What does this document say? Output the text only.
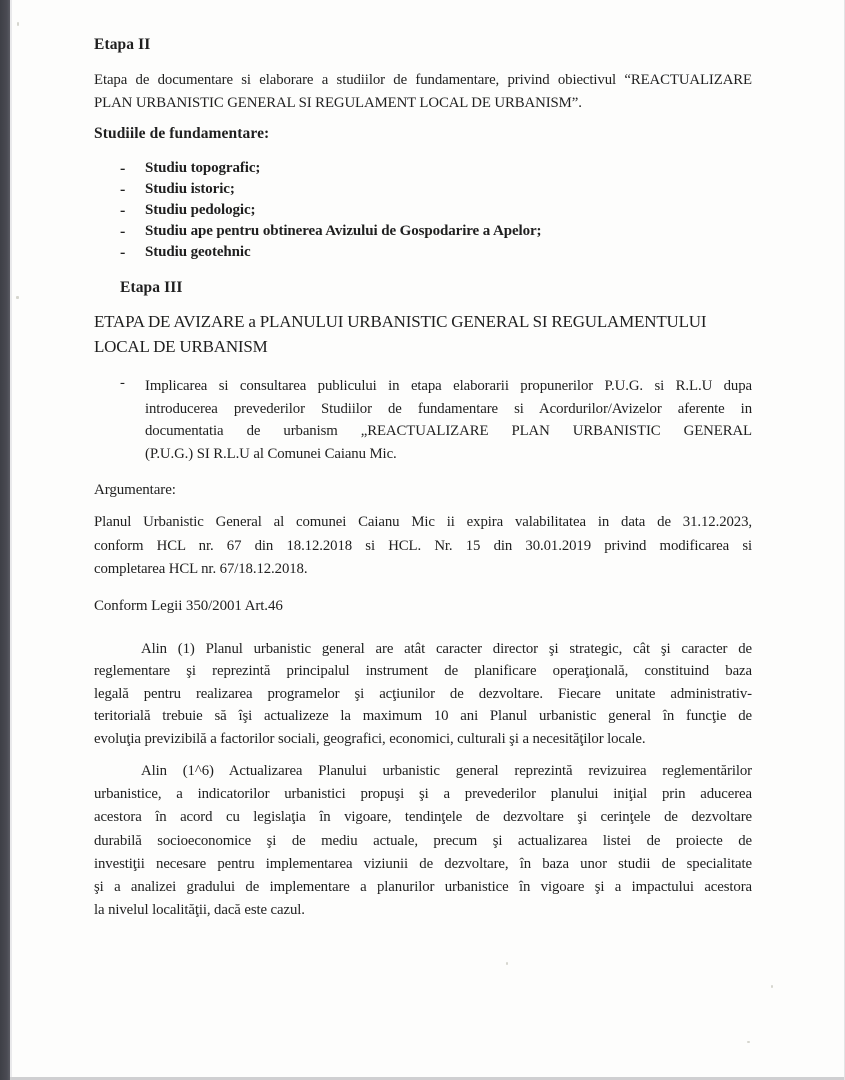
Etapa II
Etapa de documentare si elaborare a studiilor de fundamentare, privind obiectivul “REACTUALIZARE
PLAN URBANISTIC GENERAL SI REGULAMENT LOCAL DE URBANISM”.
Studiile de fundamentare:
-	Studiu topografic;
-	Studiu istoric;
-	Studiu pedologic;
-	Studiu ape pentru obtinerea Avizului de Gospodarire a Apelor;
-	Studiu geotehnic
Etapa III
ETAPA DE AVIZARE a PLANULUI URBANISTIC GENERAL SI REGULAMENTULUI
LOCAL DE URBANISM
- Implicarea si consultarea publicului in etapa elaborarii propunerilor P.U.G. si R.L.U dupa
introducerea prevederilor Studiilor de fundamentare si Acordurilor/Avizelor aferente in
documentatia de urbanism „REACTUALIZARE PLAN URBANISTIC GENERAL
(P.U.G.) SI R.L.U al Comunei Caianu Mic.
Argumentare:
Planul Urbanistic General al comunei Caianu Mic ii expira valabilitatea in data de 31.12.2023,
conform HCL nr. 67 din 18.12.2018 si HCL. Nr. 15 din 30.01.2019 privind modificarea si
completarea HCL nr. 67/18.12.2018.
Conform Legii 350/2001 Art.46
Alin (1) Planul urbanistic general are atât caracter director şi strategic, cât şi caracter de
reglementare şi reprezintă principalul instrument de planificare operaţională, constituind baza
legală pentru realizarea programelor şi acţiunilor de dezvoltare. Fiecare unitate administrativ-
teritorială trebuie să îşi actualizeze la maximum 10 ani Planul urbanistic general în funcţie de
evoluţia previzibilă a factorilor sociali, geografici, economici, culturali şi a necesităţilor locale.
Alin (1^6) Actualizarea Planului urbanistic general reprezintă revizuirea reglementărilor
urbanistice, a indicatorilor urbanistici propuşi şi a prevederilor planului iniţial prin aducerea
acestora în acord cu legislaţia în vigoare, tendinţele de dezvoltare şi cerinţele de dezvoltare
durabilă socioeconomice şi de mediu actuale, precum şi actualizarea listei de proiecte de
investiţii necesare pentru implementarea viziunii de dezvoltare, în baza unor studii de specialitate
şi a analizei gradului de implementare a planurilor urbanistice în vigoare şi a impactului acestora
la nivelul localităţii, dacă este cazul.
